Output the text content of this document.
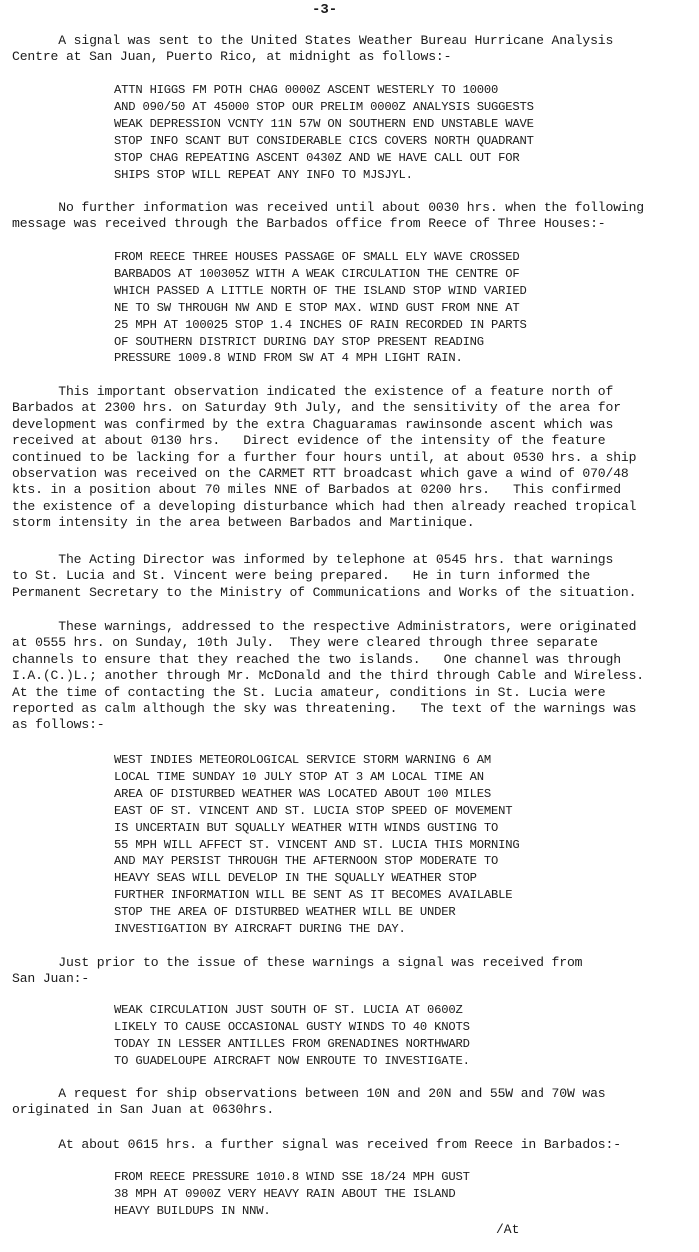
-3-

A signal was sent to the United States Weather Bureau Hurricane Analysis
Centre at San Juan, Puerto Rico, at midnight as follows:-

ATTN HIGGS FM POTH CHAG 0000Z ASCENT WESTERLY TO 10000
AND 090/50 AT 45000 STOP OUR PRELIM 0000Z ANALYSIS SUGGESTS
WEAK DEPRESSION VCNTY 11N 57W ON SOUTHERN END UNSTABLE WAVE
STOP INFO SCANT BUT CONSIDERABLE CICS COVERS NORTH QUADRANT
STOP CHAG REPEATING ASCENT 0430Z AND WE HAVE CALL OUT FOR
SHIPS STOP WILL REPEAT ANY INFO TO MJSJYL.

No further information was received until about 0030 hrs. when the following
message was received through the Barbados office from Reece of Three Houses:-

FROM REECE THREE HOUSES PASSAGE OF SMALL ELY WAVE CROSSED
BARBADOS AT 100305Z WITH A WEAK CIRCULATION THE CENTRE OF
WHICH PASSED A LITTLE NORTH OF THE ISLAND STOP WIND VARIED
NE TO SW THROUGH NW AND E STOP MAX. WIND GUST FROM NNE AT
25 MPH AT 100025 STOP 1.4 INCHES OF RAIN RECORDED IN PARTS
OF SOUTHERN DISTRICT DURING DAY STOP PRESENT READING
PRESSURE 1009.8 WIND FROM SW AT 4 MPH LIGHT RAIN.

This important observation indicated the existence of a feature north of
Barbados at 2300 hrs. on Saturday 9th July, and the sensitivity of the area for
development was confirmed by the extra Chaguaramas rawinsonde ascent which was
received at about 0130 hrs.   Direct evidence of the intensity of the feature
continued to be lacking for a further four hours until, at about 0530 hrs. a ship
observation was received on the CARMET RTT broadcast which gave a wind of 070/48
kts. in a position about 70 miles NNE of Barbados at 0200 hrs.   This confirmed
the existence of a developing disturbance which had then already reached tropical
storm intensity in the area between Barbados and Martinique.

The Acting Director was informed by telephone at 0545 hrs. that warnings
to St. Lucia and St. Vincent were being prepared.   He in turn informed the
Permanent Secretary to the Ministry of Communications and Works of the situation.

These warnings, addressed to the respective Administrators, were originated
at 0555 hrs. on Sunday, 10th July.  They were cleared through three separate
channels to ensure that they reached the two islands.   One channel was through
I.A.(C.)L.; another through Mr. McDonald and the third through Cable and Wireless.
At the time of contacting the St. Lucia amateur, conditions in St. Lucia were
reported as calm although the sky was threatening.   The text of the warnings was
as follows:-

WEST INDIES METEOROLOGICAL SERVICE STORM WARNING 6 AM
LOCAL TIME SUNDAY 10 JULY STOP AT 3 AM LOCAL TIME AN
AREA OF DISTURBED WEATHER WAS LOCATED ABOUT 100 MILES
EAST OF ST. VINCENT AND ST. LUCIA STOP SPEED OF MOVEMENT
IS UNCERTAIN BUT SQUALLY WEATHER WITH WINDS GUSTING TO
55 MPH WILL AFFECT ST. VINCENT AND ST. LUCIA THIS MORNING
AND MAY PERSIST THROUGH THE AFTERNOON STOP MODERATE TO
HEAVY SEAS WILL DEVELOP IN THE SQUALLY WEATHER STOP
FURTHER INFORMATION WILL BE SENT AS IT BECOMES AVAILABLE
STOP THE AREA OF DISTURBED WEATHER WILL BE UNDER
INVESTIGATION BY AIRCRAFT DURING THE DAY.

Just prior to the issue of these warnings a signal was received from
San Juan:-

WEAK CIRCULATION JUST SOUTH OF ST. LUCIA AT 0600Z
LIKELY TO CAUSE OCCASIONAL GUSTY WINDS TO 40 KNOTS
TODAY IN LESSER ANTILLES FROM GRENADINES NORTHWARD
TO GUADELOUPE AIRCRAFT NOW ENROUTE TO INVESTIGATE.

A request for ship observations between 10N and 20N and 55W and 70W was
originated in San Juan at 0630hrs.

At about 0615 hrs. a further signal was received from Reece in Barbados:-

FROM REECE PRESSURE 1010.8 WIND SSE 18/24 MPH GUST
38 MPH AT 0900Z VERY HEAVY RAIN ABOUT THE ISLAND
HEAVY BUILDUPS IN NNW.

/At
